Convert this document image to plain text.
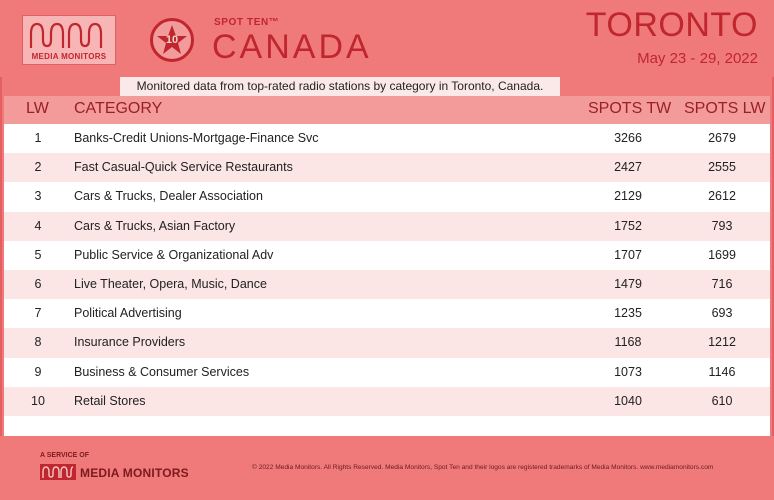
MEDIA MONITORS
10
SPOT TEN™
CANADA
TORONTO
May 23 - 29, 2022
Monitored data from top-rated radio stations by category in Toronto, Canada.
LW CATEGORY	SPOTS TW SPOTS LW
1	Banks-Credit Unions-Mortgage-Finance Svc	3266	2679
2	Fast Casual-Quick Service Restaurants	2427	2555
3	Cars & Trucks, Dealer Association	2129	2612
4	Cars & Trucks, Asian Factory	1752	793
5	Public Service & Organizational Adv	1707	1699
6	Live Theater, Opera, Music, Dance	1479	716
7	Political Advertising	1235	693
8	Insurance Providers	1168	1212
9	Business & Consumer Services	1073	1146
10	Retail Stores	1040	610
A SERVICE OF
MEDIA MONITORS	© 2022 Media Monitors. All Rights Reserved. Media Monitors, Spot Ten and their logos are registered trademarks of Media Monitors. www.mediamonitors.com
